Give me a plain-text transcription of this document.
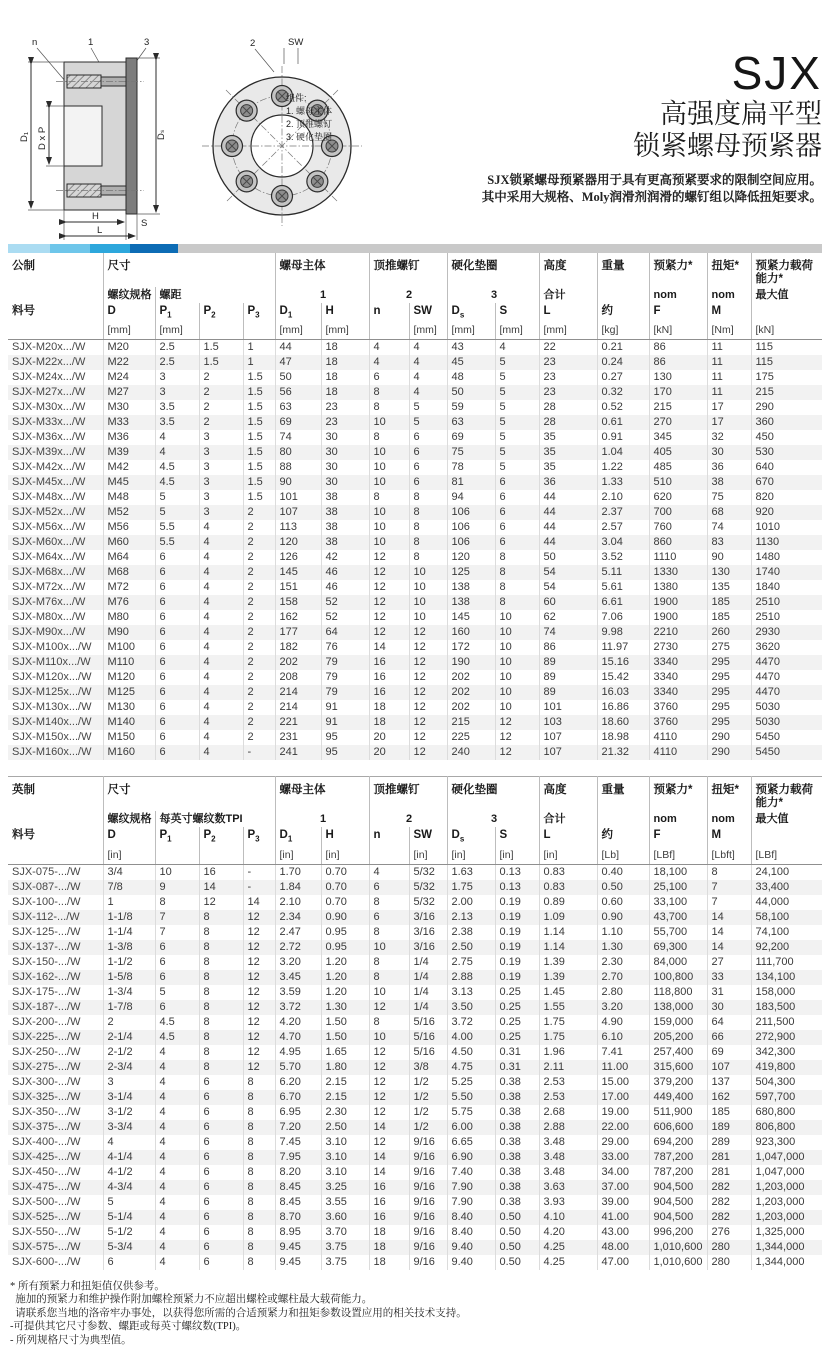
n	1	3
D₁ D x P	Dₛ
H
S
L
2	SW
组件:
1. 螺母主体
2. 顶推螺钉
3. 硬化垫圈
SJX
高强度扁平型
锁紧螺母预紧器
SJX锁紧螺母预紧器用于具有更高预紧要求的限制空间应用。
其中采用大规格、Moly润滑剂润滑的螺钉组以降低扭矩要求。
公制	尺寸				螺母主体		顶推螺钉		硬化垫圈		高度	重量	预紧力*	扭矩*	预紧力载荷能力*
	螺纹规格	螺距			1		2		3		合计		nom	nom	最大值
料号	D	$P_1$	$P_2$	$P_3$	$D_1$	H	n	SW	$D_s$	S	L	约	F	M	
	[mm]	[mm]			[mm]	[mm]		[mm]	[mm]	[mm]	[mm]	[kg]	[kN]	[Nm]	[kN]
SJX-M20x.../W	M20	2.5	1.5	1	44	18	4	4	43	4	22	0.21	86	11	115
SJX-M22x.../W	M22	2.5	1.5	1	47	18	4	4	45	5	23	0.24	86	11	115
SJX-M24x.../W	M24	3	2	1.5	50	18	6	4	48	5	23	0.27	130	11	175
SJX-M27x.../W	M27	3	2	1.5	56	18	8	4	50	5	23	0.32	170	11	215
SJX-M30x.../W	M30	3.5	2	1.5	63	23	8	5	59	5	28	0.52	215	17	290
SJX-M33x.../W	M33	3.5	2	1.5	69	23	10	5	63	5	28	0.61	270	17	360
SJX-M36x.../W	M36	4	3	1.5	74	30	8	6	69	5	35	0.91	345	32	450
SJX-M39x.../W	M39	4	3	1.5	80	30	10	6	75	5	35	1.04	405	30	530
SJX-M42x.../W	M42	4.5	3	1.5	88	30	10	6	78	5	35	1.22	485	36	640
SJX-M45x.../W	M45	4.5	3	1.5	90	30	10	6	81	6	36	1.33	510	38	670
SJX-M48x.../W	M48	5	3	1.5	101	38	8	8	94	6	44	2.10	620	75	820
SJX-M52x.../W	M52	5	3	2	107	38	10	8	106	6	44	2.37	700	68	920
SJX-M56x.../W	M56	5.5	4	2	113	38	10	8	106	6	44	2.57	760	74	1010
SJX-M60x.../W	M60	5.5	4	2	120	38	10	8	106	6	44	3.04	860	83	1130
SJX-M64x.../W	M64	6	4	2	126	42	12	8	120	8	50	3.52	1110	90	1480
SJX-M68x.../W	M68	6	4	2	145	46	12	10	125	8	54	5.11	1330	130	1740
SJX-M72x.../W	M72	6	4	2	151	46	12	10	138	8	54	5.61	1380	135	1840
SJX-M76x.../W	M76	6	4	2	158	52	12	10	138	8	60	6.61	1900	185	2510
SJX-M80x.../W	M80	6	4	2	162	52	12	10	145	10	62	7.06	1900	185	2510
SJX-M90x.../W	M90	6	4	2	177	64	12	12	160	10	74	9.98	2210	260	2930
SJX-M100x.../W	M100	6	4	2	182	76	14	12	172	10	86	11.97	2730	275	3620
SJX-M110x.../W	M110	6	4	2	202	79	16	12	190	10	89	15.16	3340	295	4470
SJX-M120x.../W	M120	6	4	2	208	79	16	12	202	10	89	15.42	3340	295	4470
SJX-M125x.../W	M125	6	4	2	214	79	16	12	202	10	89	16.03	3340	295	4470
SJX-M130x.../W	M130	6	4	2	214	91	18	12	202	10	101	16.86	3760	295	5030
SJX-M140x.../W	M140	6	4	2	221	91	18	12	215	12	103	18.60	3760	295	5030
SJX-M150x.../W	M150	6	4	2	231	95	20	12	225	12	107	18.98	4110	290	5450
SJX-M160x.../W	M160	6	4	-	241	95	20	12	240	12	107	21.32	4110	290	5450
英制	尺寸				螺母主体		顶推螺钉		硬化垫圈		高度	重量	预紧力*	扭矩*	预紧力载荷能力*
	螺纹规格	每英寸螺纹数TPI			1		2		3		合计		nom	nom	最大值
料号	D	$P_1$	$P_2$	$P_3$	$D_1$	H	n	SW	$D_s$	S	L	约	F	M	
	[in]				[in]	[in]		[in]	[in]	[in]	[in]	[Lb]	[LBf]	[Lbft]	[LBf]
SJX-075-.../W	3/4	10	16	-	1.70	0.70	4	5/32	1.63	0.13	0.83	0.40	18,100	8	24,100
SJX-087-.../W	7/8	9	14	-	1.84	0.70	6	5/32	1.75	0.13	0.83	0.50	25,100	7	33,400
SJX-100-.../W	1	8	12	14	2.10	0.70	8	5/32	2.00	0.19	0.89	0.60	33,100	7	44,000
SJX-112-.../W	1-1/8	7	8	12	2.34	0.90	6	3/16	2.13	0.19	1.09	0.90	43,700	14	58,100
SJX-125-.../W	1-1/4	7	8	12	2.47	0.95	8	3/16	2.38	0.19	1.14	1.10	55,700	14	74,100
SJX-137-.../W	1-3/8	6	8	12	2.72	0.95	10	3/16	2.50	0.19	1.14	1.30	69,300	14	92,200
SJX-150-.../W	1-1/2	6	8	12	3.20	1.20	8	1/4	2.75	0.19	1.39	2.30	84,000	27	111,700
SJX-162-.../W	1-5/8	6	8	12	3.45	1.20	8	1/4	2.88	0.19	1.39	2.70	100,800	33	134,100
SJX-175-.../W	1-3/4	5	8	12	3.59	1.20	10	1/4	3.13	0.25	1.45	2.80	118,800	31	158,000
SJX-187-.../W	1-7/8	6	8	12	3.72	1.30	12	1/4	3.50	0.25	1.55	3.20	138,000	30	183,500
SJX-200-.../W	2	4.5	8	12	4.20	1.50	8	5/16	3.72	0.25	1.75	4.90	159,000	64	211,500
SJX-225-.../W	2-1/4	4.5	8	12	4.70	1.50	10	5/16	4.00	0.25	1.75	6.10	205,200	66	272,900
SJX-250-.../W	2-1/2	4	8	12	4.95	1.65	12	5/16	4.50	0.31	1.96	7.41	257,400	69	342,300
SJX-275-.../W	2-3/4	4	8	12	5.70	1.80	12	3/8	4.75	0.31	2.11	11.00	315,600	107	419,800
SJX-300-.../W	3	4	6	8	6.20	2.15	12	1/2	5.25	0.38	2.53	15.00	379,200	137	504,300
SJX-325-.../W	3-1/4	4	6	8	6.70	2.15	12	1/2	5.50	0.38	2.53	17.00	449,400	162	597,700
SJX-350-.../W	3-1/2	4	6	8	6.95	2.30	12	1/2	5.75	0.38	2.68	19.00	511,900	185	680,800
SJX-375-.../W	3-3/4	4	6	8	7.20	2.50	14	1/2	6.00	0.38	2.88	22.00	606,600	189	806,800
SJX-400-.../W	4	4	6	8	7.45	3.10	12	9/16	6.65	0.38	3.48	29.00	694,200	289	923,300
SJX-425-.../W	4-1/4	4	6	8	7.95	3.10	14	9/16	6.90	0.38	3.48	33.00	787,200	281	1,047,000
SJX-450-.../W	4-1/2	4	6	8	8.20	3.10	14	9/16	7.40	0.38	3.48	34.00	787,200	281	1,047,000
SJX-475-.../W	4-3/4	4	6	8	8.45	3.25	16	9/16	7.90	0.38	3.63	37.00	904,500	282	1,203,000
SJX-500-.../W	5	4	6	8	8.45	3.55	16	9/16	7.90	0.38	3.93	39.00	904,500	282	1,203,000
SJX-525-.../W	5-1/4	4	6	8	8.70	3.60	16	9/16	8.40	0.50	4.10	41.00	904,500	282	1,203,000
SJX-550-.../W	5-1/2	4	6	8	8.95	3.70	18	9/16	8.40	0.50	4.20	43.00	996,200	276	1,325,000
SJX-575-.../W	5-3/4	4	6	8	9.45	3.75	18	9/16	9.40	0.50	4.25	48.00	1,010,600	280	1,344,000
SJX-600-.../W	6	4	6	8	9.45	3.75	18	9/16	9.40	0.50	4.25	47.00	1,010,600	280	1,344,000
* 所有预紧力和扭矩值仅供参考。
施加的预紧力和维护操作附加螺栓预紧力不应超出螺栓或螺柱最大载荷能力。
请联系您当地的洛帝牢办事处，以获得您所需的合适预紧力和扭矩参数设置应用的相关技术支持。
-可提供其它尺寸参数、螺距或每英寸螺纹数(TPI)。
- 所列规格尺寸为典型值。
